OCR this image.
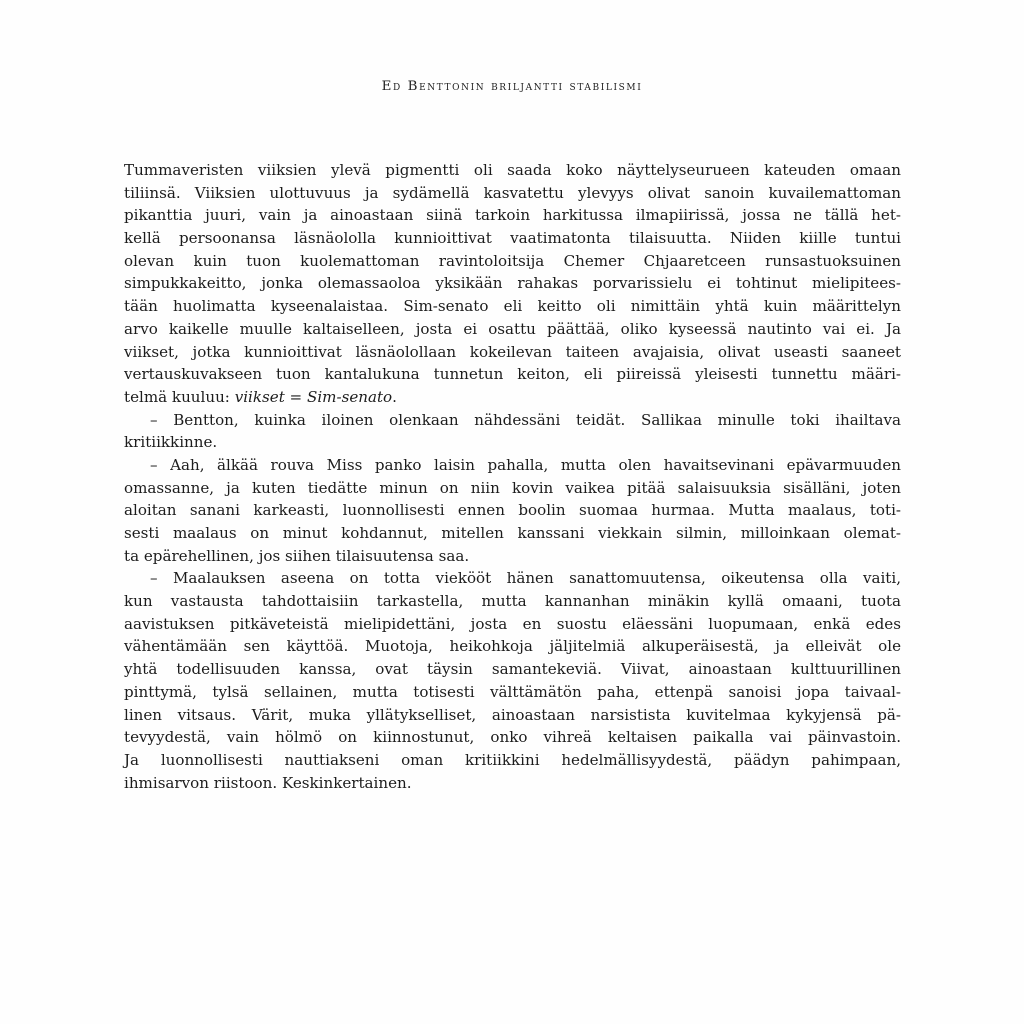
Ed Benttonin briljantti stabilismi

Tummaveristen viiksien ylevä pigmentti oli saada koko näyttelyseurueen kateuden omaan
tiliinsä. Viiksien ulottuvuus ja sydämellä kasvatettu ylevyys olivat sanoin kuvailemattoman
pikanttia juuri, vain ja ainoastaan siinä tarkoin harkitussa ilmapiirissä, jossa ne tällä het-
kellä persoonansa läsnäololla kunnioittivat vaatimatonta tilaisuutta. Niiden kiille tuntui
olevan kuin tuon kuolemattoman ravintoloitsija Chemer Chjaaretceen runsastuoksuinen
simpukkakeitto, jonka olemassaoloa yksikään rahakas porvarissielu ei tohtinut mielipitees-
tään huolimatta kyseenalaistaa. Sim-senato eli keitto oli nimittäin yhtä kuin määrittelyn
arvo kaikelle muulle kaltaiselleen, josta ei osattu päättää, oliko kyseessä nautinto vai ei. Ja
viikset, jotka kunnioittivat läsnäolollaan kokeilevan taiteen avajaisia, olivat useasti saaneet
vertauskuvakseen tuon kantalukuna tunnetun keiton, eli piireissä yleisesti tunnettu määri-
telmä kuuluu: viikset = Sim-senato.

– Bentton, kuinka iloinen olenkaan nähdessäni teidät. Sallikaa minulle toki ihailtava
kritiikkinne.

– Aah, älkää rouva Miss panko laisin pahalla, mutta olen havaitsevinani epävarmuuden
omassanne, ja kuten tiedätte minun on niin kovin vaikea pitää salaisuuksia sisälläni, joten
aloitan sanani karkeasti, luonnollisesti ennen boolin suomaa hurmaa. Mutta maalaus, toti-
sesti maalaus on minut kohdannut, mitellen kanssani viekkain silmin, milloinkaan olemat-
ta epärehellinen, jos siihen tilaisuutensa saa.

– Maalauksen aseena on totta viekööt hänen sanattomuutensa, oikeutensa olla vaiti,
kun vastausta tahdottaisiin tarkastella, mutta kannanhan minäkin kyllä omaani, tuota
aavistuksen pitkäveteistä mielipidettäni, josta en suostu eläessäni luopumaan, enkä edes
vähentämään sen käyttöä. Muotoja, heikohkoja jäljitelmiä alkuperäisestä, ja elleivät ole
yhtä todellisuuden kanssa, ovat täysin samantekeviä. Viivat, ainoastaan kulttuurillinen
pinttymä, tylsä sellainen, mutta totisesti välttämätön paha, ettenpä sanoisi jopa taivaal-
linen vitsaus. Värit, muka yllätykselliset, ainoastaan narsistista kuvitelmaa kykyjensä pä-
tevyydestä, vain hölmö on kiinnostunut, onko vihreä keltaisen paikalla vai päinvastoin.
Ja luonnollisesti nauttiakseni oman kritiikkini hedelmällisyydestä, päädyn pahimpaan,
ihmisarvon riistoon. Keskinkertainen.
